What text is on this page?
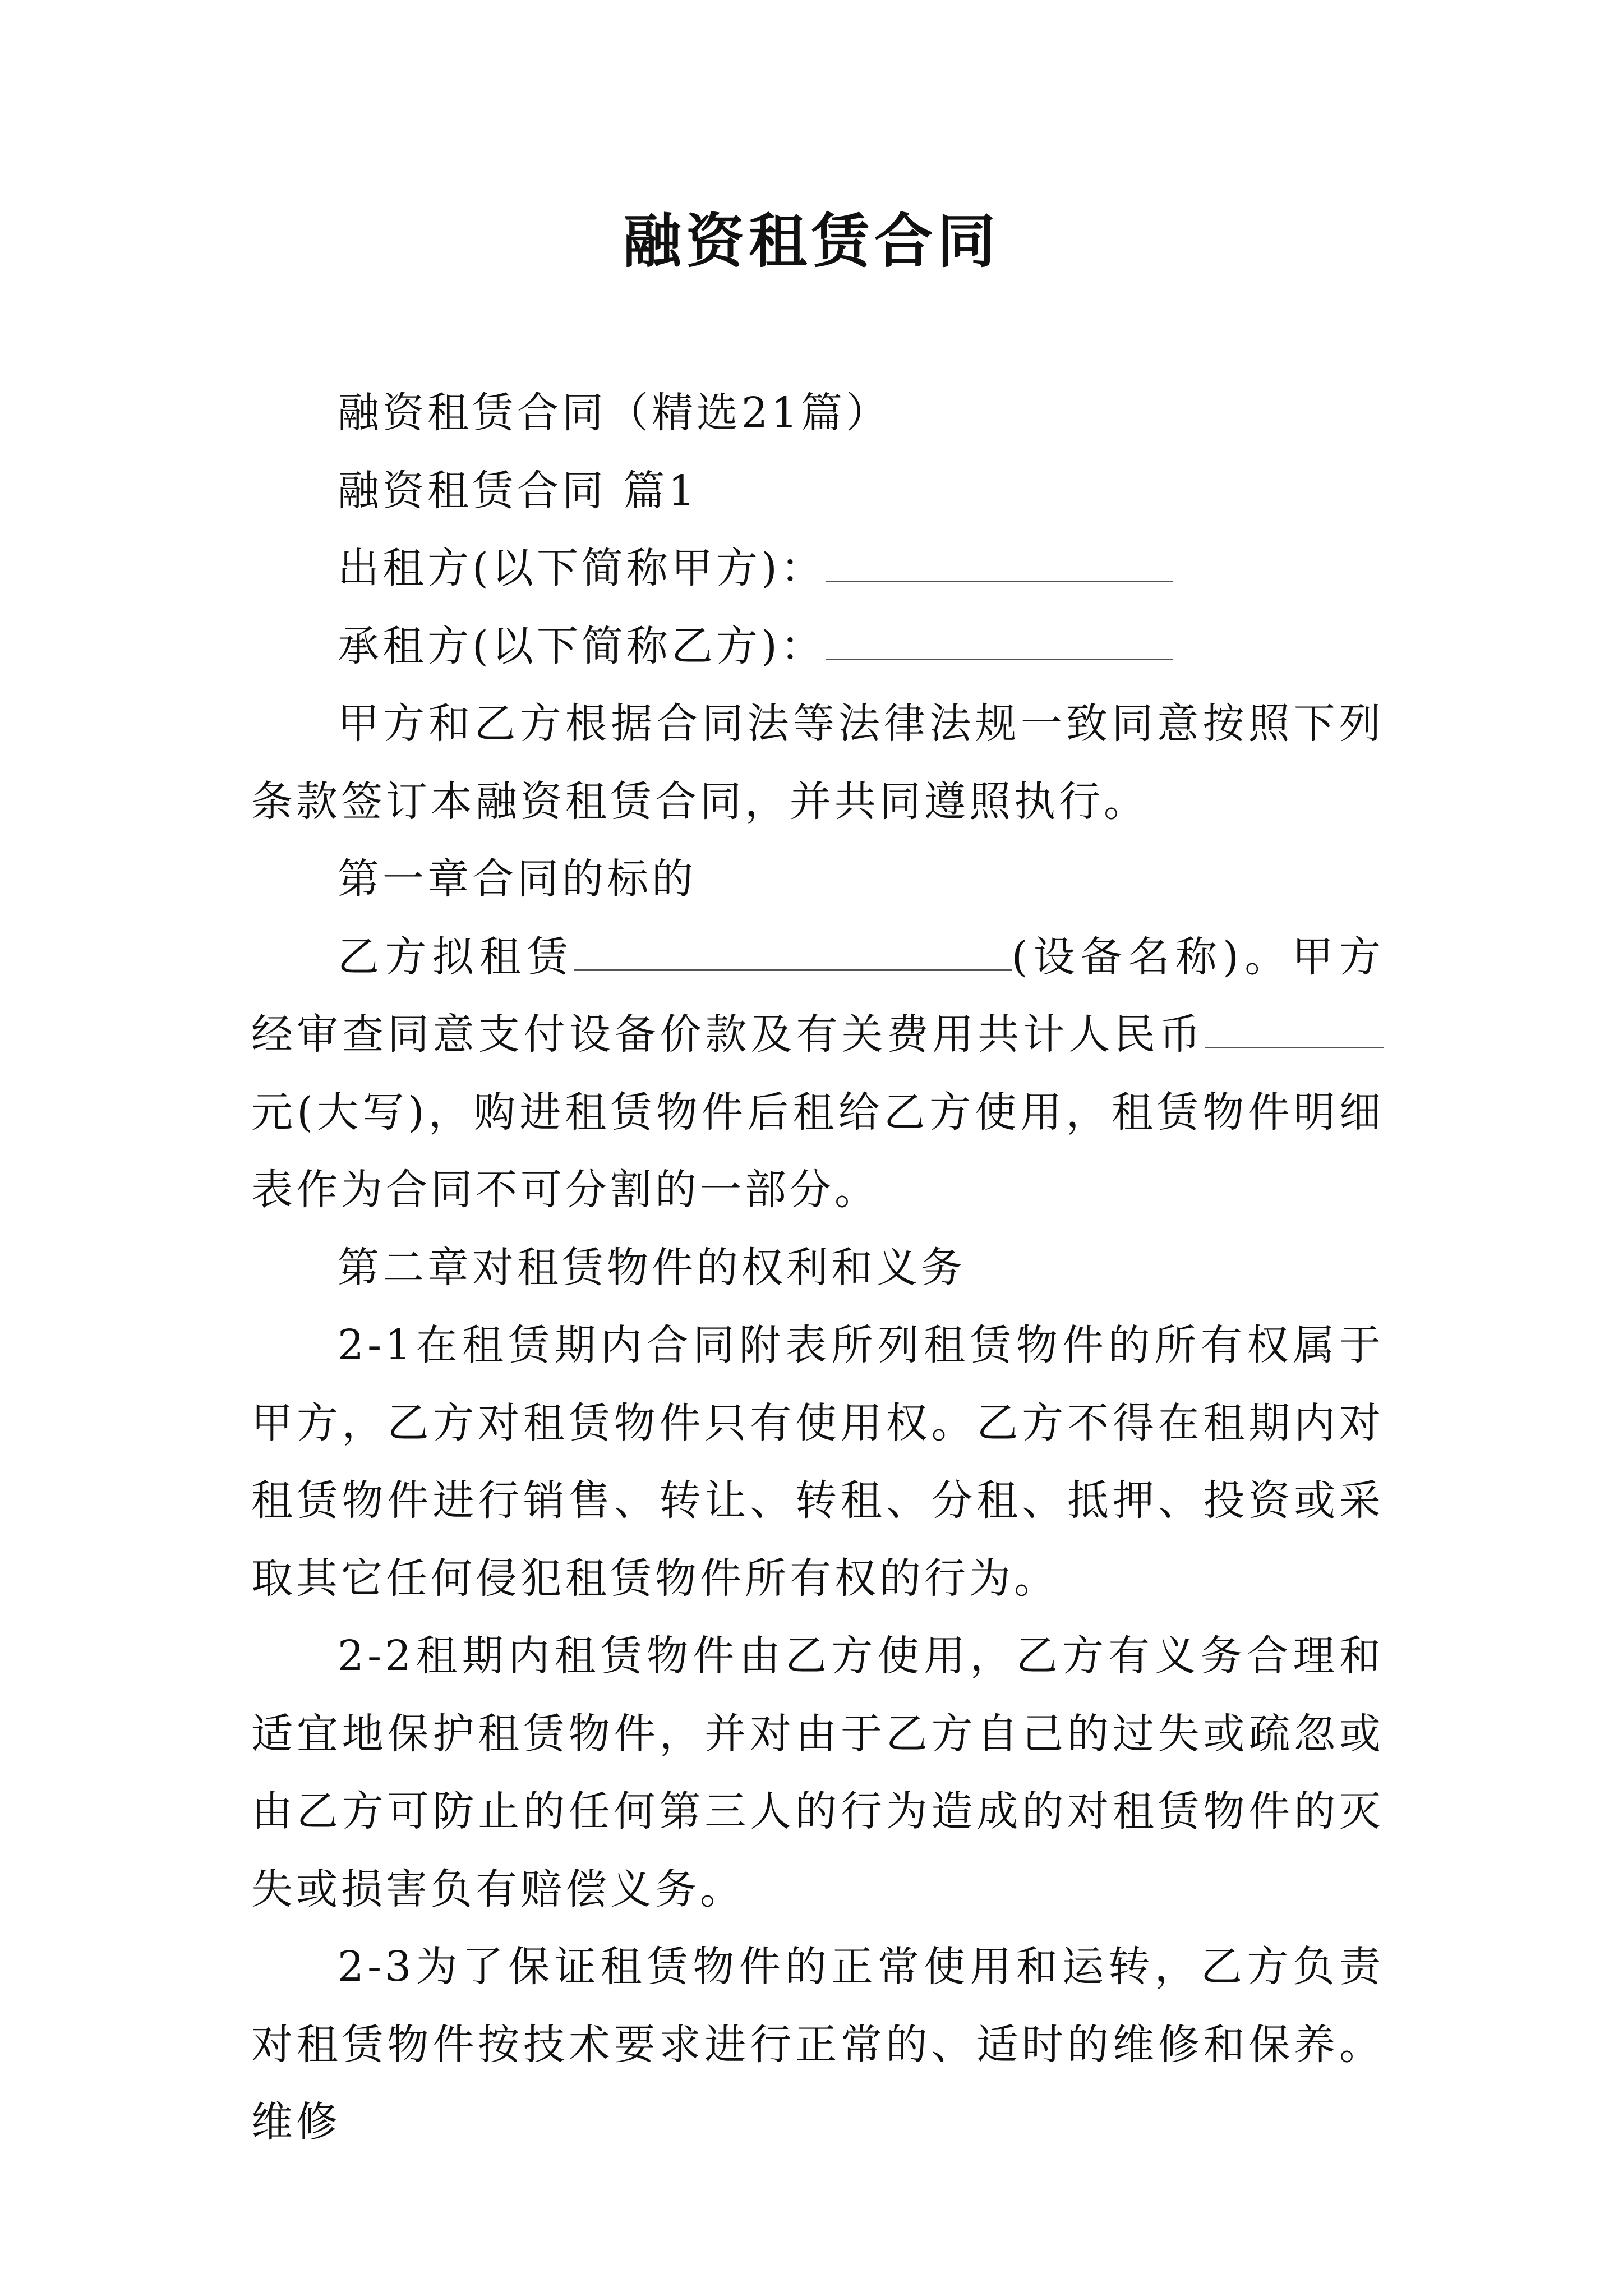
融资租赁合同

融资租赁合同（精选21篇）

融资租赁合同 篇1

出租方(以下简称甲方)：

承租方(以下简称乙方)：

甲方和乙方根据合同法等法律法规一致同意按照下列条款签订本融资租赁合同，并共同遵照执行。

第一章合同的标的

乙方拟租赁	(设备名称)。甲方经审查同意支付设备价款及有关费用共计人民币元(大写)，购进租赁物件后租给乙方使用，租赁物件明细表作为合同不可分割的一部分。

第二章对租赁物件的权利和义务

2-1在租赁期内合同附表所列租赁物件的所有权属于甲方，乙方对租赁物件只有使用权。乙方不得在租期内对租赁物件进行销售、转让、转租、分租、抵押、投资或采取其它任何侵犯租赁物件所有权的行为。

2-2租期内租赁物件由乙方使用，乙方有义务合理和适宜地保护租赁物件，并对由于乙方自己的过失或疏忽或由乙方可防止的任何第三人的行为造成的对租赁物件的灭失或损害负有赔偿义务。

2-3为了保证租赁物件的正常使用和运转，乙方负责对租赁物件按技术要求进行正常的、适时的维修和保养。维修
